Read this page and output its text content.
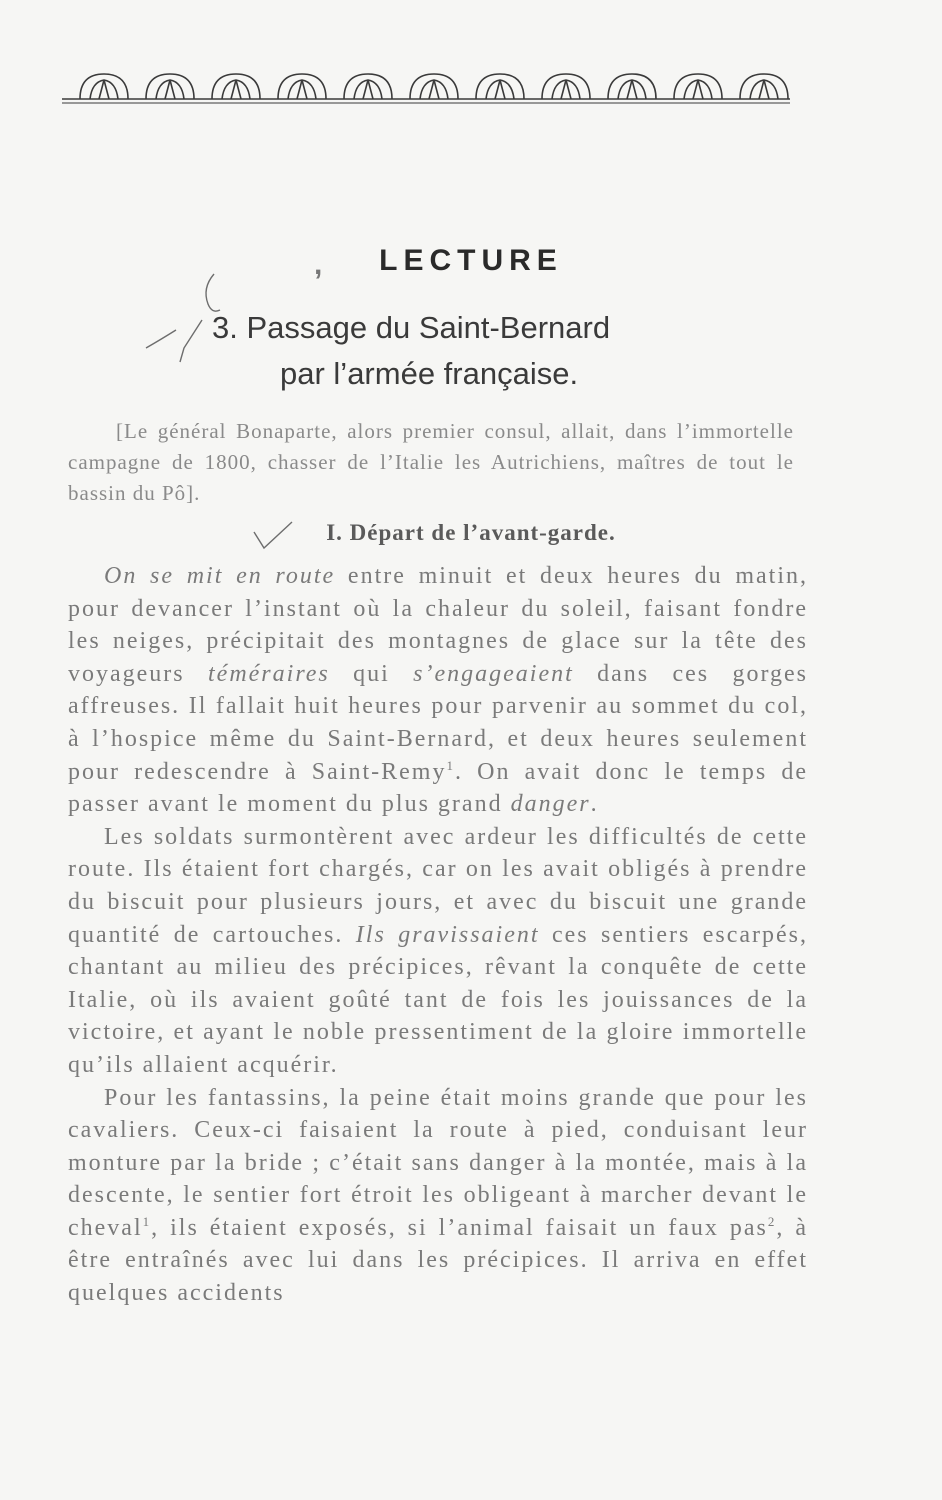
, LECTURE
3. Passage du Saint-Bernard
par l’armée française.

[Le général Bonaparte, alors premier consul, allait, dans l’immortelle campagne de 1800, chasser de l’Italie les Autrichiens, maîtres de tout le bassin du Pô].

I. Départ de l’avant-garde.

On se mit en route entre minuit et deux heures du matin, pour devancer l’instant où la chaleur du soleil, faisant fondre les neiges, précipitait des montagnes de glace sur la tête des voyageurs téméraires qui s’engageaient dans ces gorges affreuses. Il fallait huit heures pour parvenir au sommet du col, à l’hospice même du Saint-Bernard, et deux heures seulement pour redescendre à Saint-Remy$^1$. On avait donc le temps de passer avant le moment du plus grand danger.

Les soldats surmontèrent avec ardeur les difficultés de cette route. Ils étaient fort chargés, car on les avait obligés à prendre du biscuit pour plusieurs jours, et avec du biscuit une grande quantité de cartouches. Ils gravissaient ces sentiers escarpés, chantant au milieu des précipices, rêvant la conquête de cette Italie, où ils avaient goûté tant de fois les jouissances de la victoire, et ayant le noble pressentiment de la gloire immortelle qu’ils allaient acquérir.

Pour les fantassins, la peine était moins grande que pour les cavaliers. Ceux-ci faisaient la route à pied, conduisant leur monture par la bride ; c’était sans danger à la montée, mais à la descente, le sentier fort étroit les obligeant à marcher devant le cheval$^1$, ils étaient exposés, si l’animal faisait un faux pas$^2$, à être entraînés avec lui dans les précipices. Il arriva en effet quelques accidents
